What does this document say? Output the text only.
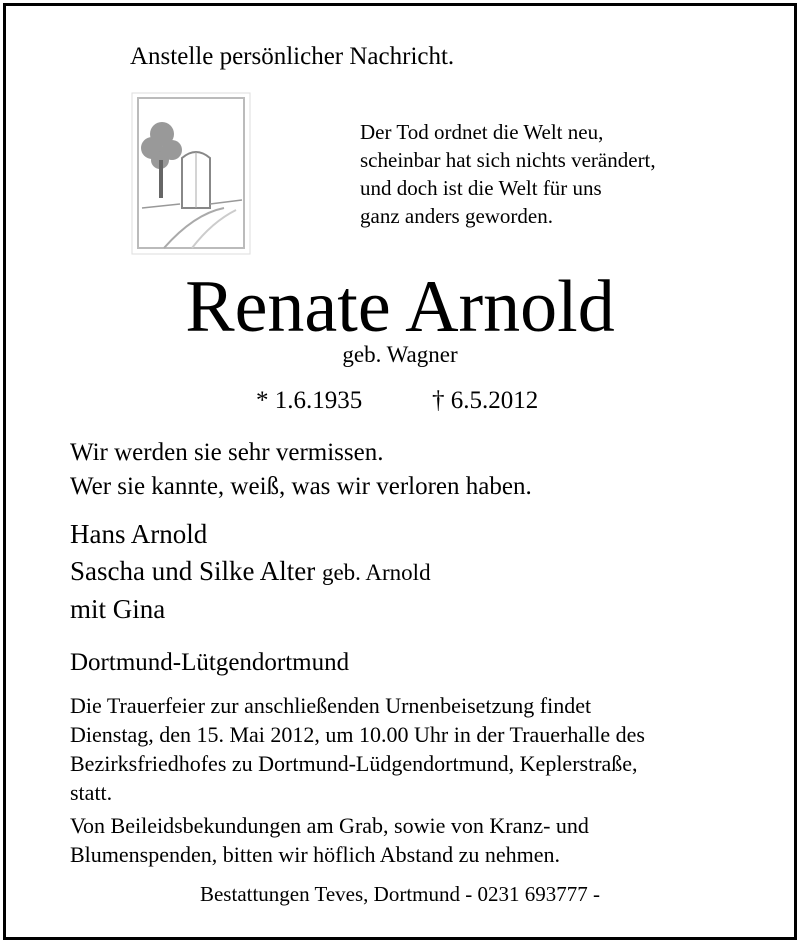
Anstelle persönlicher Nachricht.
Der Tod ordnet die Welt neu,
scheinbar hat sich nichts verändert,
und doch ist die Welt für uns
ganz anders geworden.
Renate Arnold
geb. Wagner
* 1.6.1935	† 6.5.2012
Wir werden sie sehr vermissen.
Wer sie kannte, weiß, was wir verloren haben.
Hans Arnold
Sascha und Silke Alter geb. Arnold
mit Gina
Dortmund-Lütgendortmund
Die Trauerfeier zur anschließenden Urnenbeisetzung findet
Dienstag, den 15. Mai 2012, um 10.00 Uhr in der Trauerhalle des
Bezirksfriedhofes zu Dortmund-Lüdgendortmund, Keplerstraße,
statt.
Von Beileidsbekundungen am Grab, sowie von Kranz- und
Blumenspenden, bitten wir höflich Abstand zu nehmen.
Bestattungen Teves, Dortmund - 0231 693777 -
